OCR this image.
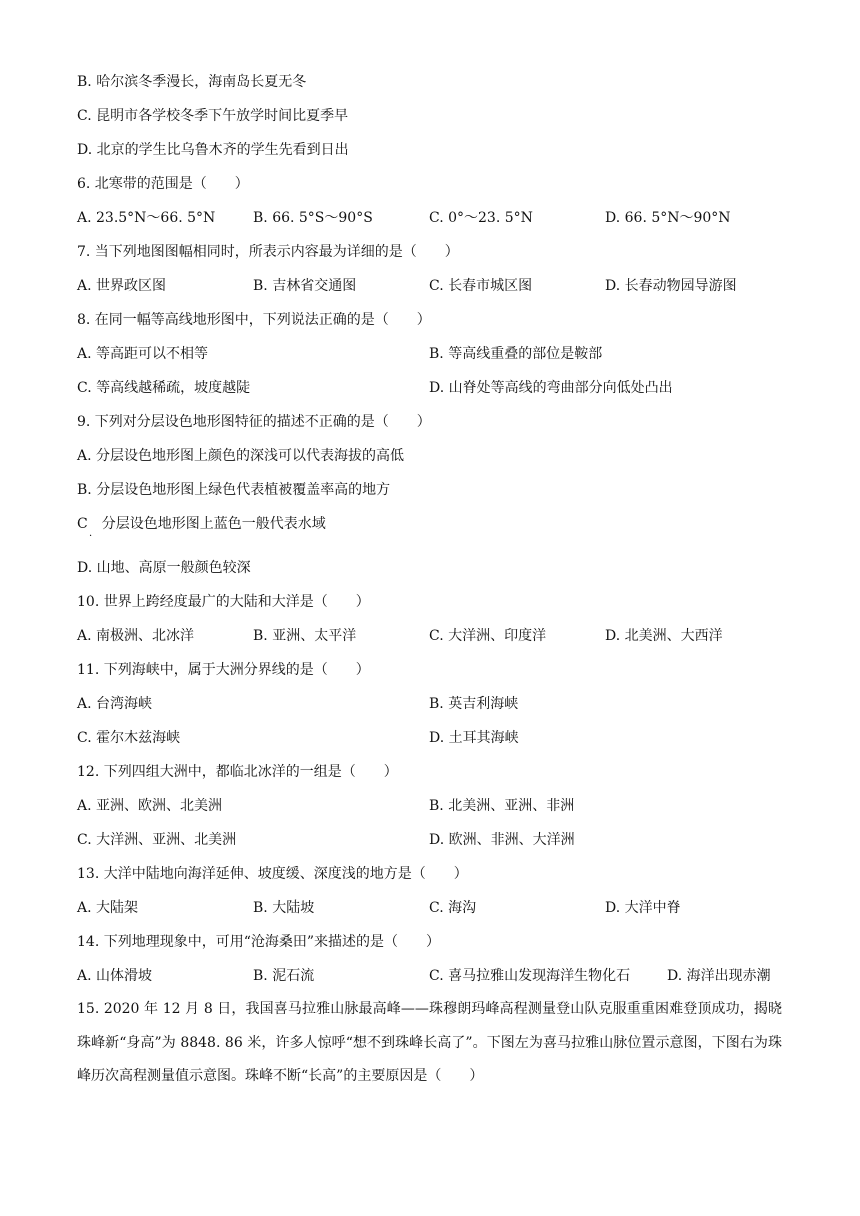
B. 哈尔滨冬季漫长，海南岛长夏无冬
C. 昆明市各学校冬季下午放学时间比夏季早
D. 北京的学生比乌鲁木齐的学生先看到日出
6. 北寒带的范围是（　　）
A. 23.5°N～66. 5°N	B. 66. 5°S～90°S	C. 0°～23. 5°N	D. 66. 5°N～90°N
7. 当下列地图图幅相同时，所表示内容最为详细的是（　　）
A. 世界政区图	B. 吉林省交通图	C. 长春市城区图	D. 长春动物园导游图
8. 在同一幅等高线地形图中，下列说法正确的是（　　）
A. 等高距可以不相等	B. 等高线重叠的部位是鞍部
C. 等高线越稀疏，坡度越陡	D. 山脊处等高线的弯曲部分向低处凸出
9. 下列对分层设色地形图特征的描述不正确的是（　　）
A. 分层设色地形图上颜色的深浅可以代表海拔的高低
B. 分层设色地形图上绿色代表植被覆盖率高的地方
C　分层设色地形图上蓝色一般代表水域
·
D. 山地、高原一般颜色较深
10. 世界上跨经度最广的大陆和大洋是（　　）
A. 南极洲、北冰洋	B. 亚洲、太平洋	C. 大洋洲、印度洋	D. 北美洲、大西洋
11. 下列海峡中，属于大洲分界线的是（　　）
A. 台湾海峡	B. 英吉利海峡
C. 霍尔木兹海峡	D. 土耳其海峡
12. 下列四组大洲中，都临北冰洋的一组是（　　）
A. 亚洲、欧洲、北美洲	B. 北美洲、亚洲、非洲
C. 大洋洲、亚洲、北美洲	D. 欧洲、非洲、大洋洲
13. 大洋中陆地向海洋延伸、坡度缓、深度浅的地方是（　　）
A. 大陆架	B. 大陆坡	C. 海沟	D. 大洋中脊
14. 下列地理现象中，可用“沧海桑田”来描述的是（　　）
A. 山体滑坡	B. 泥石流	C. 喜马拉雅山发现海洋生物化石	D. 海洋出现赤潮
15. 2020 年 12 月 8 日，我国喜马拉雅山脉最高峰——珠穆朗玛峰高程测量登山队克服重重困难登顶成功，揭晓珠峰新“身高”为 8848. 86 米，许多人惊呼“想不到珠峰长高了”。下图左为喜马拉雅山脉位置示意图，下图右为珠峰历次高程测量值示意图。珠峰不断“长高”的主要原因是（　　）
